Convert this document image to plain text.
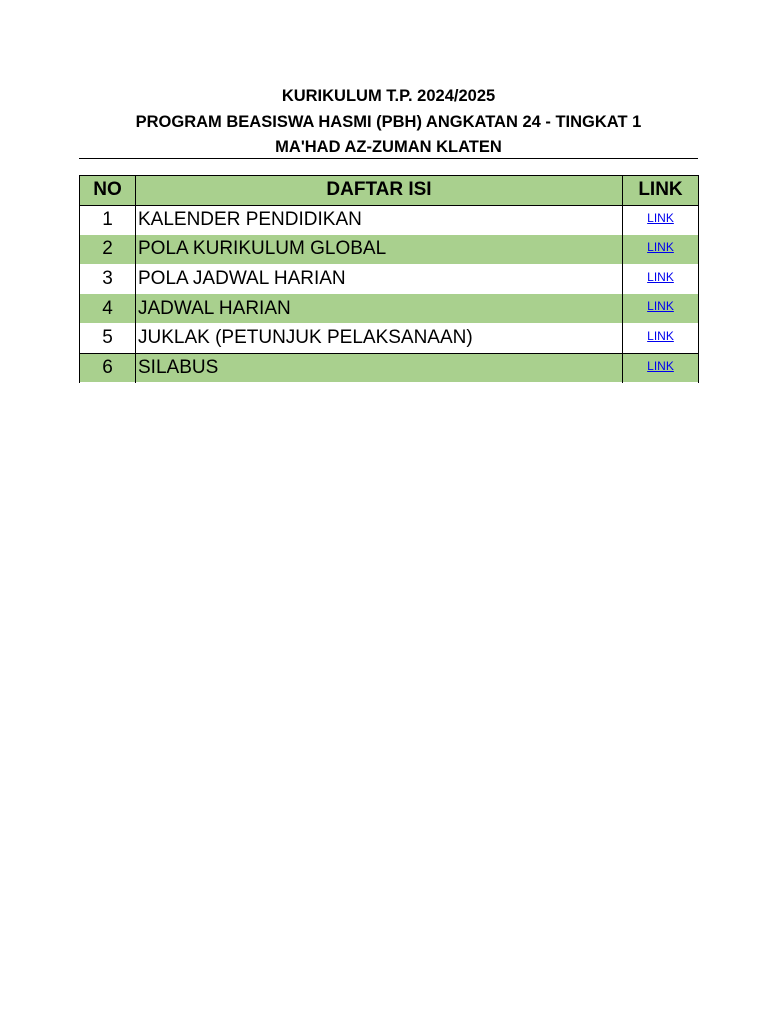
KURIKULUM T.P. 2024/2025
PROGRAM BEASISWA HASMI (PBH) ANGKATAN 24 - TINGKAT 1
MA'HAD AZ-ZUMAN KLATEN
NO	DAFTAR ISI	LINK
1	KALENDER PENDIDIKAN	LINK
2	POLA KURIKULUM GLOBAL	LINK
3	POLA JADWAL HARIAN	LINK
4	JADWAL HARIAN	LINK
5	JUKLAK (PETUNJUK PELAKSANAAN)	LINK
6	SILABUS	LINK
